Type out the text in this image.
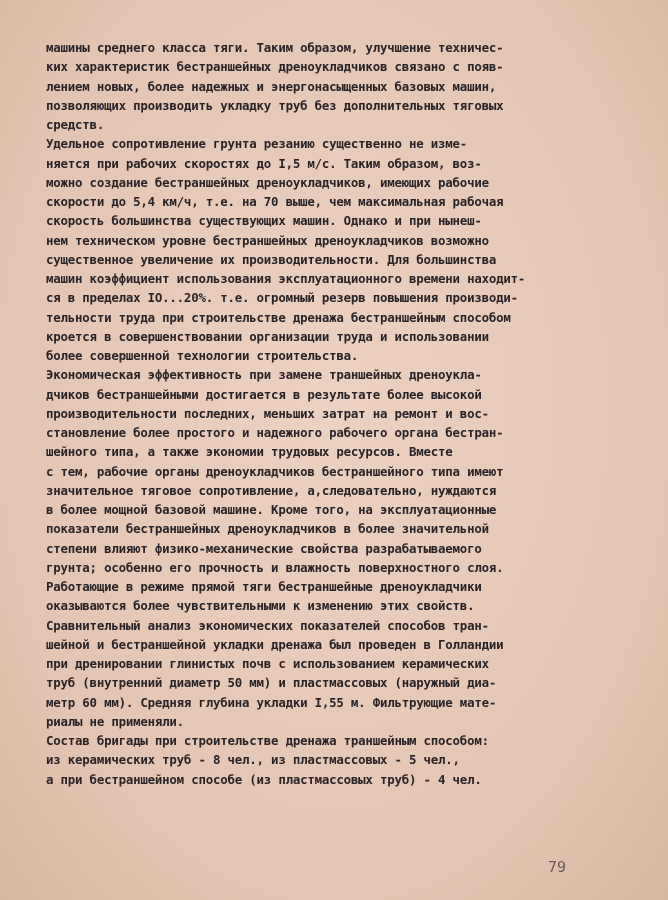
машины среднего класса тяги. Таким образом, улучшение техничес-
ких характеристик бестраншейных дреноукладчиков связано с появ-
лением новых, более надежных и энергонасыщенных базовых машин,
позволяющих производить укладку труб без дополнительных тяговых
средств.
Удельное сопротивление грунта резанию существенно не изме-
няется при рабочих скоростях до I,5 м/с. Таким образом, воз-
можно создание бестраншейных дреноукладчиков, имеющих рабочие
скорости до 5,4 км/ч, т.е. на 70 выше, чем максимальная рабочая
скорость большинства существующих машин. Однако и при нынеш-
нем техническом уровне бестраншейных дреноукладчиков возможно
существенное увеличение их производительности. Для большинства
машин коэффициент использования эксплуатационного времени находит-
ся в пределах IO...20%. т.е. огромный резерв повышения производи-
тельности труда при строительстве дренажа бестраншейным способом
кроется в совершенствовании организации труда и использовании
более совершенной технологии строительства.
Экономическая эффективность при замене траншейных дреноукла-
дчиков бестраншейными достигается в результате более высокой
производительности последних, меньших затрат на ремонт и вос-
становление более простого и надежного рабочего органа бестран-
шейного типа, а также экономии трудовых ресурсов. Вместе
с тем, рабочие органы дреноукладчиков бестраншейного типа имеют
значительное тяговое сопротивление, а,следовательно, нуждаются
в более мощной базовой машине. Кроме того, на эксплуатационные
показатели бестраншейных дреноукладчиков в более значительной
степени влияют физико-механические свойства разрабатываемого
грунта; особенно его прочность и влажность поверхностного слоя.
Работающие в режиме прямой тяги бестраншейные дреноукладчики
оказываются более чувствительными к изменению этих свойств.
Сравнительный анализ экономических показателей способов тран-
шейной и бестраншейной укладки дренажа был проведен в Голландии
при дренировании глинистых почв с использованием керамических
труб (внутренний диаметр 50 мм) и пластмассовых (наружный диа-
метр 60 мм). Средняя глубина укладки I,55 м. Фильтрующие мате-
риалы не применяли.
Состав бригады при строительстве дренажа траншейным способом:
из керамических труб - 8 чел., из пластмассовых - 5 чел.,
а при бестраншейном способе (из пластмассовых труб) - 4 чел.
79
